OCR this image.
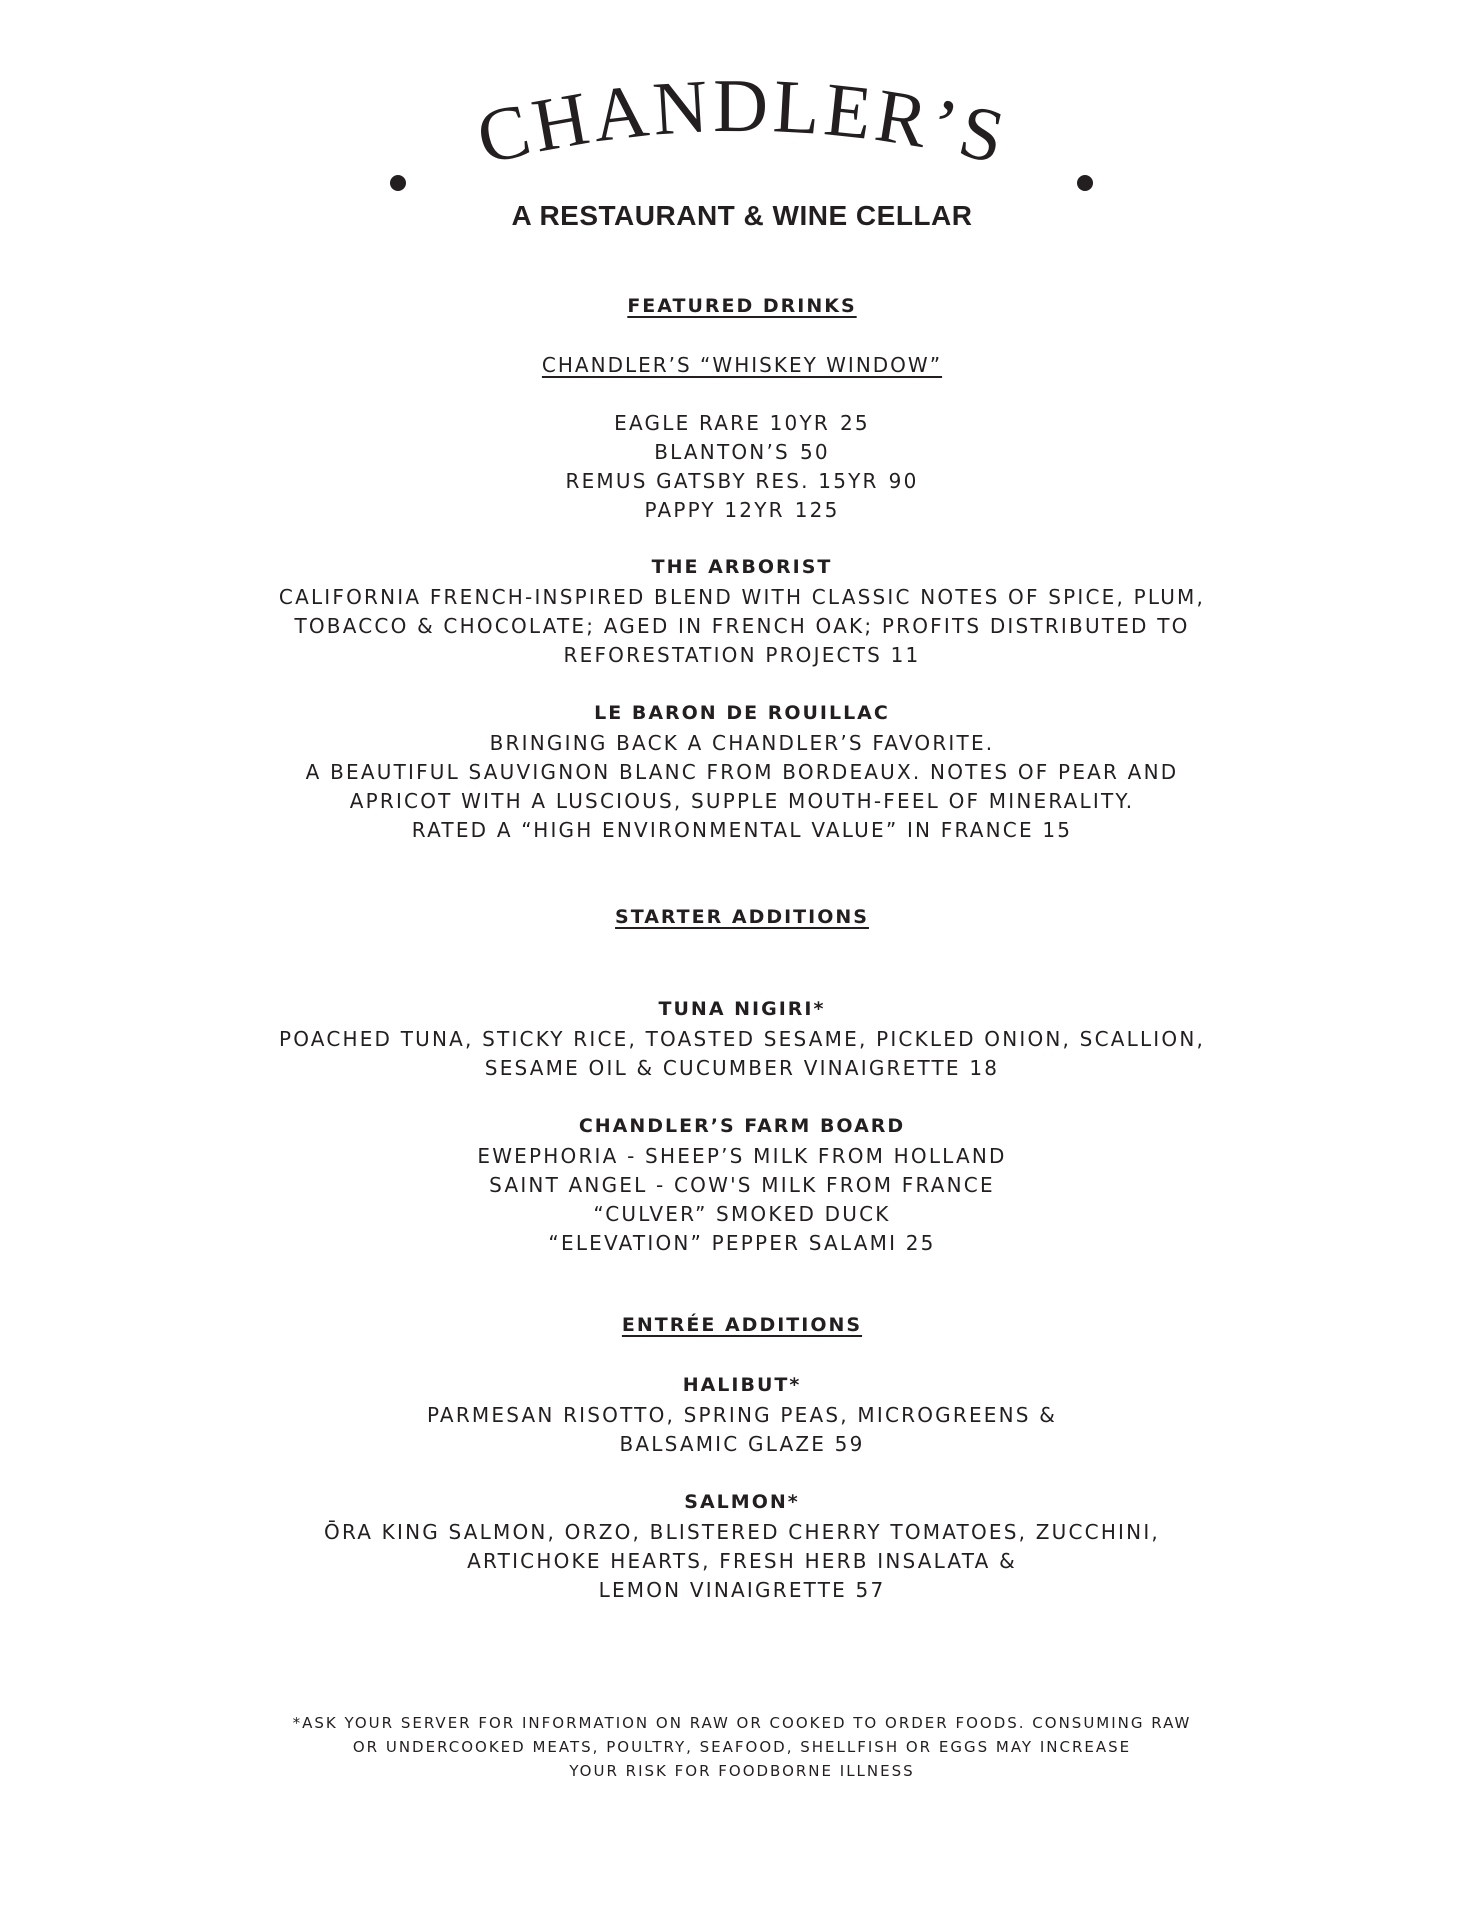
CHANDLER’S
A RESTAURANT & WINE CELLAR
FEATURED DRINKS
CHANDLER’S “WHISKEY WINDOW”
EAGLE RARE 10YR 25
BLANTON’S 50
REMUS GATSBY RES. 15YR 90
PAPPY 12YR 125
THE ARBORIST
CALIFORNIA FRENCH-INSPIRED BLEND WITH CLASSIC NOTES OF SPICE, PLUM,
TOBACCO & CHOCOLATE; AGED IN FRENCH OAK; PROFITS DISTRIBUTED TO
REFORESTATION PROJECTS 11
LE BARON DE ROUILLAC
BRINGING BACK A CHANDLER’S FAVORITE.
A BEAUTIFUL SAUVIGNON BLANC FROM BORDEAUX. NOTES OF PEAR AND
APRICOT WITH A LUSCIOUS, SUPPLE MOUTH-FEEL OF MINERALITY.
RATED A “HIGH ENVIRONMENTAL VALUE” IN FRANCE 15
STARTER ADDITIONS
TUNA NIGIRI*
POACHED TUNA, STICKY RICE, TOASTED SESAME, PICKLED ONION, SCALLION,
SESAME OIL & CUCUMBER VINAIGRETTE 18
CHANDLER’S FARM BOARD
EWEPHORIA - SHEEP’S MILK FROM HOLLAND
SAINT ANGEL - COW'S MILK FROM FRANCE
“CULVER” SMOKED DUCK
“ELEVATION” PEPPER SALAMI 25
ENTRÉE ADDITIONS
HALIBUT*
PARMESAN RISOTTO, SPRING PEAS, MICROGREENS &
BALSAMIC GLAZE 59
SALMON*
ŌRA KING SALMON, ORZO, BLISTERED CHERRY TOMATOES, ZUCCHINI,
ARTICHOKE HEARTS, FRESH HERB INSALATA &
LEMON VINAIGRETTE 57
*ASK YOUR SERVER FOR INFORMATION ON RAW OR COOKED TO ORDER FOODS. CONSUMING RAW
OR UNDERCOOKED MEATS, POULTRY, SEAFOOD, SHELLFISH OR EGGS MAY INCREASE
YOUR RISK FOR FOODBORNE ILLNESS
